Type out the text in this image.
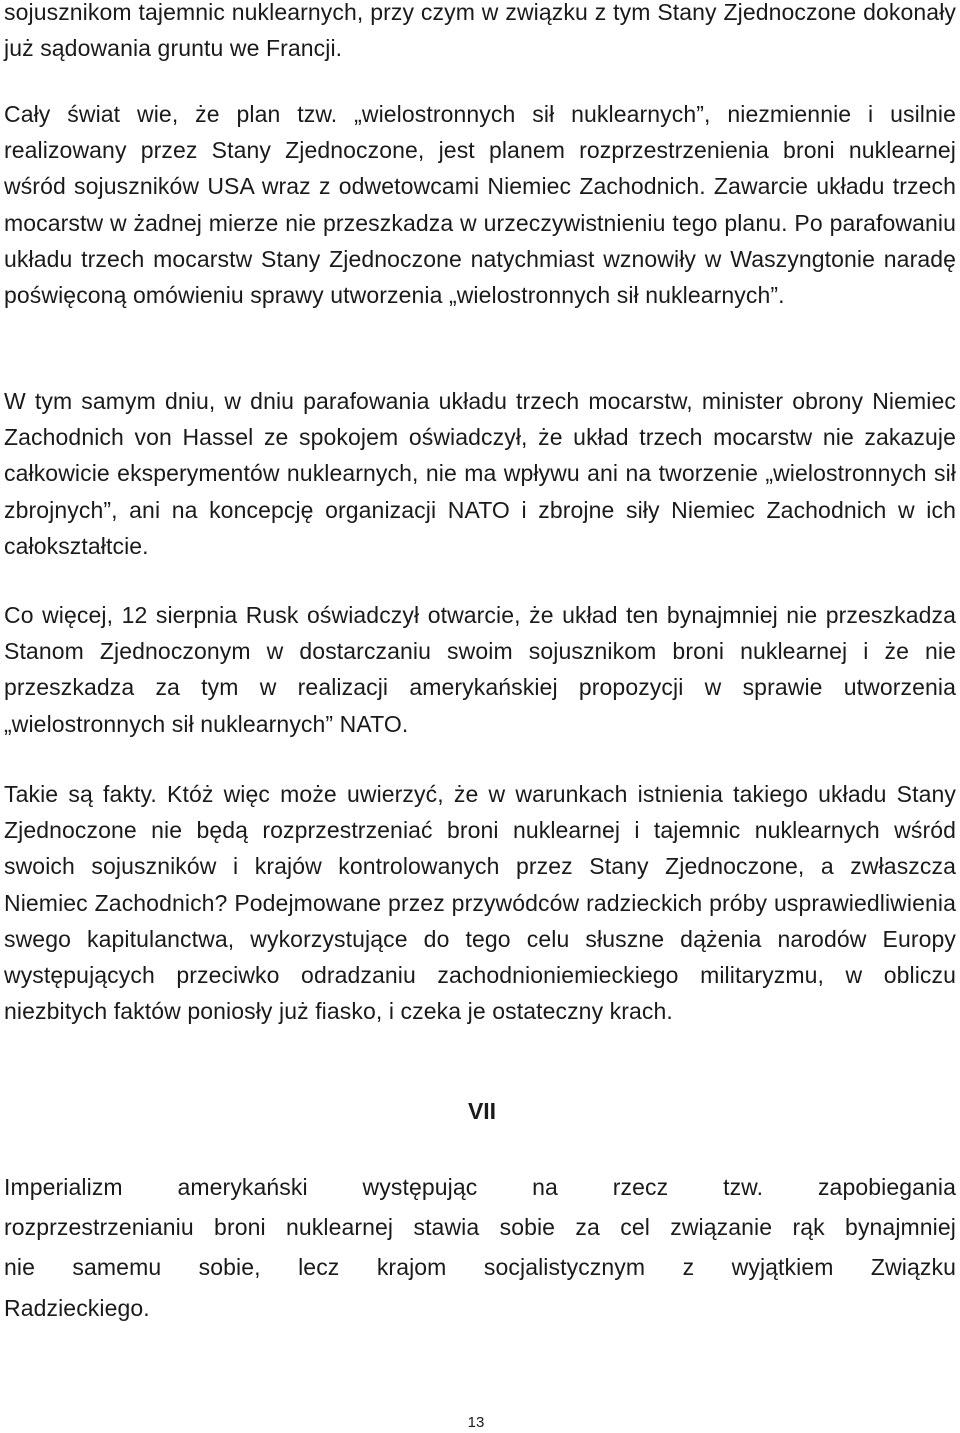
sojusznikom tajemnic nuklearnych, przy czym w związku z tym Stany Zjednoczone dokonały już sądowania gruntu we Francji.

Cały świat wie, że plan tzw. „wielostronnych sił nuklearnych”, niezmiennie i usilnie realizowany przez Stany Zjednoczone, jest planem rozprzestrzenienia broni nuklearnej wśród sojuszników USA wraz z odwetowcami Niemiec Zachodnich. Zawarcie układu trzech mocarstw w żadnej mierze nie przeszkadza w urzeczywistnieniu tego planu. Po parafowaniu układu trzech mocarstw Stany Zjednoczone natychmiast wznowiły w Waszyngtonie naradę poświęconą omówieniu sprawy utworzenia „wielostronnych sił nuklearnych”.

W tym samym dniu, w dniu parafowania układu trzech mocarstw, minister obrony Niemiec Zachodnich von Hassel ze spokojem oświadczył, że układ trzech mocarstw nie zakazuje całkowicie eksperymentów nuklearnych, nie ma wpływu ani na tworzenie „wielostronnych sił zbrojnych”, ani na koncepcję organizacji NATO i zbrojne siły Niemiec Zachodnich w ich całokształtcie.

Co więcej, 12 sierpnia Rusk oświadczył otwarcie, że układ ten bynajmniej nie przeszkadza Stanom Zjednoczonym w dostarczaniu swoim sojusznikom broni nuklearnej i że nie przeszkadza za tym w realizacji amerykańskiej propozycji w sprawie utworzenia „wielostronnych sił nuklearnych” NATO.

Takie są fakty. Któż więc może uwierzyć, że w warunkach istnienia takiego układu Stany Zjednoczone nie będą rozprzestrzeniać broni nuklearnej i tajemnic nuklearnych wśród swoich sojuszników i krajów kontrolowanych przez Stany Zjednoczone, a zwłaszcza Niemiec Zachodnich? Podejmowane przez przywódców radzieckich próby usprawiedliwienia swego kapitulanctwa, wykorzystujące do tego celu słuszne dążenia narodów Europy występujących przeciwko odradzaniu zachodnioniemieckiego militaryzmu, w obliczu niezbitych faktów poniosły już fiasko, i czeka je ostateczny krach.

VII

Imperializm amerykański występując na rzecz tzw. zapobiegania
rozprzestrzenianiu broni nuklearnej stawia sobie za cel związanie rąk bynajmniej
nie samemu sobie, lecz krajom socjalistycznym z wyjątkiem Związku
Radzieckiego.

13
